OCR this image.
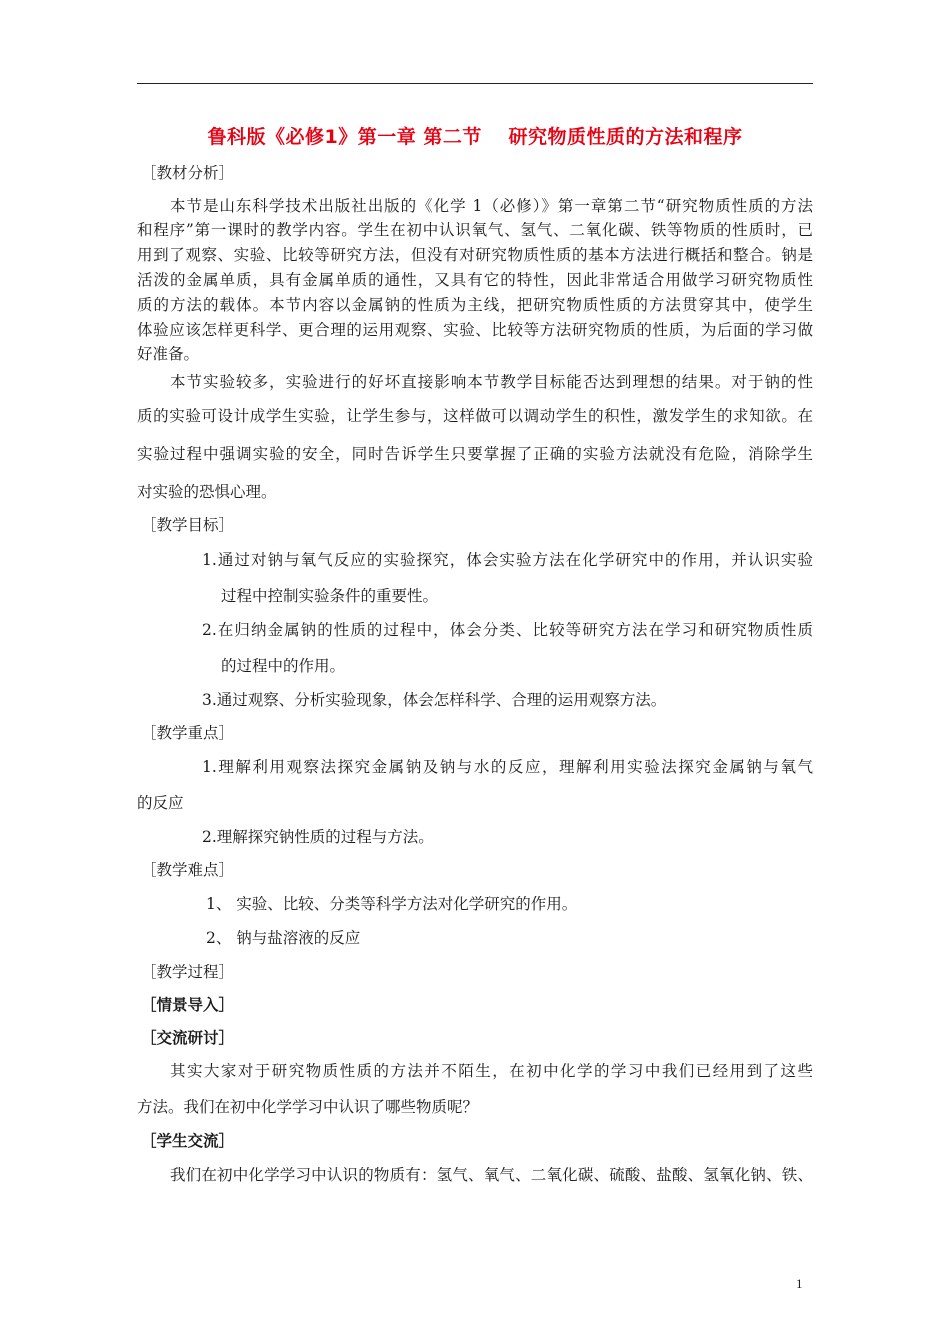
鲁科版《必修1》第一章 第二节　 研究物质性质的方法和程序
［教材分析］
本节是山东科学技术出版社出版的《化学 1（必修）》第一章第二节“研究物质性质的方法
和程序”第一课时的教学内容。学生在初中认识氧气、氢气、二氧化碳、铁等物质的性质时，已
用到了观察、实验、比较等研究方法，但没有对研究物质性质的基本方法进行概括和整合。钠是
活泼的金属单质，具有金属单质的通性，又具有它的特性，因此非常适合用做学习研究物质性
质的方法的载体。本节内容以金属钠的性质为主线，把研究物质性质的方法贯穿其中，使学生
体验应该怎样更科学、更合理的运用观察、实验、比较等方法研究物质的性质，为后面的学习做
好准备。
本节实验较多，实验进行的好坏直接影响本节教学目标能否达到理想的结果。对于钠的性
质的实验可设计成学生实验，让学生参与，这样做可以调动学生的积性，激发学生的求知欲。在
实验过程中强调实验的安全，同时告诉学生只要掌握了正确的实验方法就没有危险，消除学生
对实验的恐惧心理。
［教学目标］
1.通过对钠与氧气反应的实验探究，体会实验方法在化学研究中的作用，并认识实验
过程中控制实验条件的重要性。
2.在归纳金属钠的性质的过程中，体会分类、比较等研究方法在学习和研究物质性质
的过程中的作用。
3.通过观察、分析实验现象，体会怎样科学、合理的运用观察方法。
［教学重点］
1.理解利用观察法探究金属钠及钠与水的反应，理解利用实验法探究金属钠与氧气
的反应
2.理解探究钠性质的过程与方法。
［教学难点］
1、 实验、比较、分类等科学方法对化学研究的作用。
2、 钠与盐溶液的反应
［教学过程］
［情景导入］
［交流研讨］
其实大家对于研究物质性质的方法并不陌生，在初中化学的学习中我们已经用到了这些
方法。我们在初中化学学习中认识了哪些物质呢？
［学生交流］
我们在初中化学学习中认识的物质有：氢气、氧气、二氧化碳、硫酸、盐酸、氢氧化钠、铁、
1
